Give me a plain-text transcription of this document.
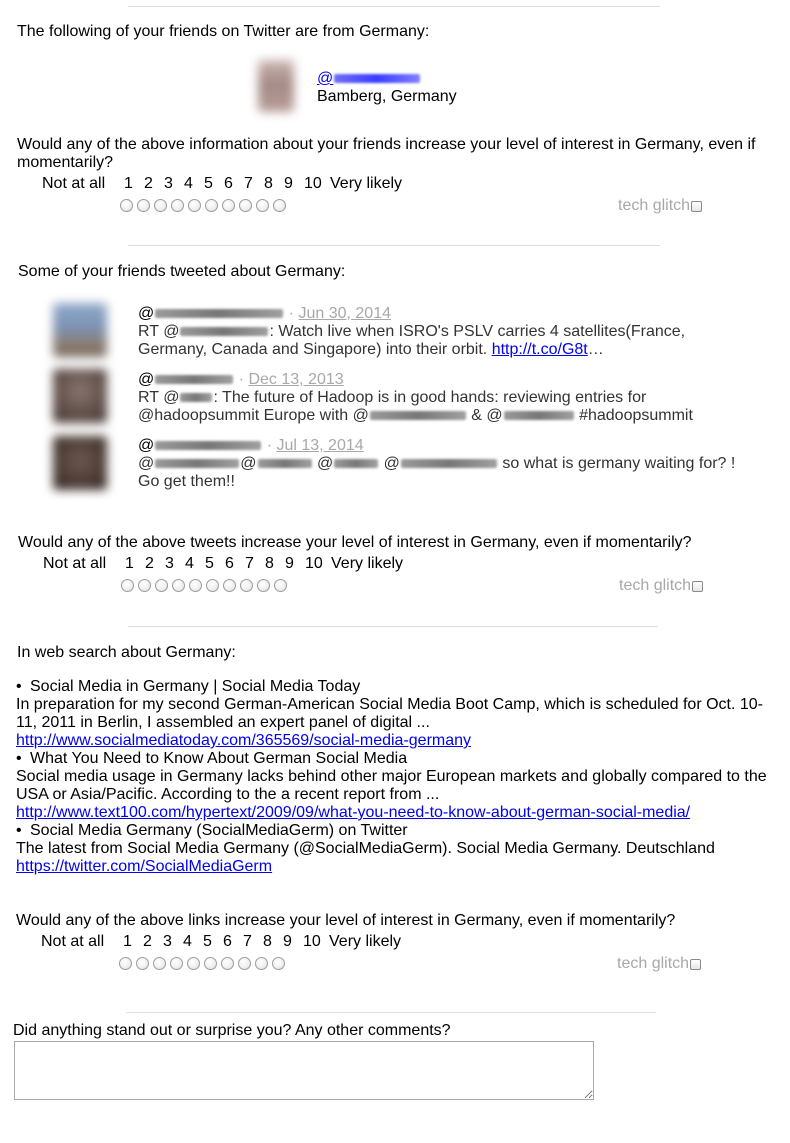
The following of your friends on Twitter are from Germany:
@
Bamberg, Germany
Would any of the above information about your friends increase your level of interest in Germany, even if momentarily?
Not at all 1 2 3 4 5 6 7 8 9 10 Very likely
tech glitch
Some of your friends tweeted about Germany:
@	· Jun 30, 2014
RT @	: Watch live when ISRO's PSLV carries 4 satellites(France,
Germany, Canada and Singapore) into their orbit. http://t.co/G8t…
@	· Dec 13, 2013
RT @ : The future of Hadoop is in good hands: reviewing entries for
@hadoopsummit Europe with @	& @	#hadoopsummit
@	· Jul 13, 2014
@	@	@	@	so what is germany waiting for? !
Go get them!!
Would any of the above tweets increase your level of interest in Germany, even if momentarily?
Not at all 1 2 3 4 5 6 7 8 9 10 Very likely
tech glitch
In web search about Germany:
• Social Media in Germany | Social Media Today
In preparation for my second German-American Social Media Boot Camp, which is scheduled for Oct. 10-11, 2011 in Berlin, I assembled an expert panel of digital ...
http://www.socialmediatoday.com/365569/social-media-germany
• What You Need to Know About German Social Media
Social media usage in Germany lacks behind other major European markets and globally compared to the USA or Asia/Pacific. According to the a recent report from ...
http://www.text100.com/hypertext/2009/09/what-you-need-to-know-about-german-social-media/
• Social Media Germany (SocialMediaGerm) on Twitter
The latest from Social Media Germany (@SocialMediaGerm). Social Media Germany. Deutschland
https://twitter.com/SocialMediaGerm
Would any of the above links increase your level of interest in Germany, even if momentarily?
Not at all 1 2 3 4 5 6 7 8 9 10 Very likely
tech glitch
Did anything stand out or surprise you? Any other comments?
